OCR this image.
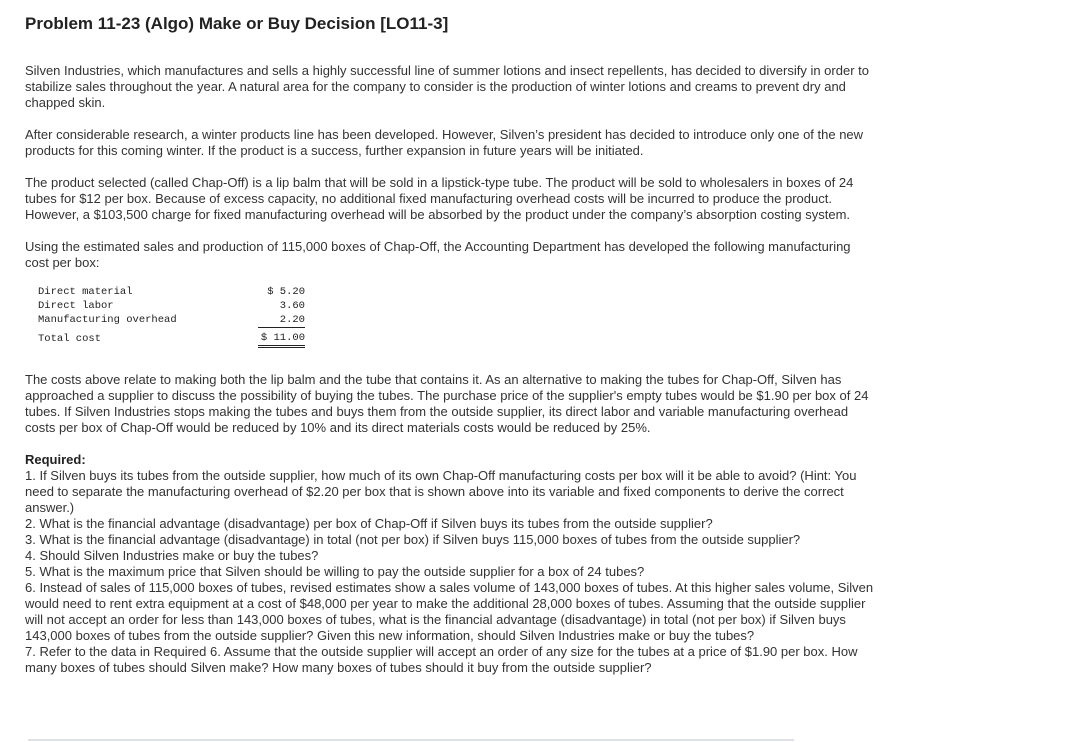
Problem 11-23 (Algo) Make or Buy Decision [LO11-3]

Silven Industries, which manufactures and sells a highly successful line of summer lotions and insect repellents, has decided to diversify in order to stabilize sales throughout the year. A natural area for the company to consider is the production of winter lotions and creams to prevent dry and chapped skin.

After considerable research, a winter products line has been developed. However, Silven’s president has decided to introduce only one of the new products for this coming winter. If the product is a success, further expansion in future years will be initiated.

The product selected (called Chap-Off) is a lip balm that will be sold in a lipstick-type tube. The product will be sold to wholesalers in boxes of 24 tubes for $12 per box. Because of excess capacity, no additional fixed manufacturing overhead costs will be incurred to produce the product. However, a $103,500 charge for fixed manufacturing overhead will be absorbed by the product under the company’s absorption costing system.

Using the estimated sales and production of 115,000 boxes of Chap-Off, the Accounting Department has developed the following manufacturing cost per box:

Direct material	$ 5.20
Direct labor	3.60
Manufacturing overhead	2.20
Total cost	$ 11.00

The costs above relate to making both the lip balm and the tube that contains it. As an alternative to making the tubes for Chap-Off, Silven has approached a supplier to discuss the possibility of buying the tubes. The purchase price of the supplier's empty tubes would be $1.90 per box of 24 tubes. If Silven Industries stops making the tubes and buys them from the outside supplier, its direct labor and variable manufacturing overhead costs per box of Chap-Off would be reduced by 10% and its direct materials costs would be reduced by 25%.

Required:

1. If Silven buys its tubes from the outside supplier, how much of its own Chap-Off manufacturing costs per box will it be able to avoid? (Hint: You need to separate the manufacturing overhead of $2.20 per box that is shown above into its variable and fixed components to derive the correct answer.)
2. What is the financial advantage (disadvantage) per box of Chap-Off if Silven buys its tubes from the outside supplier?
3. What is the financial advantage (disadvantage) in total (not per box) if Silven buys 115,000 boxes of tubes from the outside supplier?
4. Should Silven Industries make or buy the tubes?
5. What is the maximum price that Silven should be willing to pay the outside supplier for a box of 24 tubes?
6. Instead of sales of 115,000 boxes of tubes, revised estimates show a sales volume of 143,000 boxes of tubes. At this higher sales volume, Silven would need to rent extra equipment at a cost of $48,000 per year to make the additional 28,000 boxes of tubes. Assuming that the outside supplier will not accept an order for less than 143,000 boxes of tubes, what is the financial advantage (disadvantage) in total (not per box) if Silven buys 143,000 boxes of tubes from the outside supplier? Given this new information, should Silven Industries make or buy the tubes?
7. Refer to the data in Required 6. Assume that the outside supplier will accept an order of any size for the tubes at a price of $1.90 per box. How many boxes of tubes should Silven make? How many boxes of tubes should it buy from the outside supplier?
